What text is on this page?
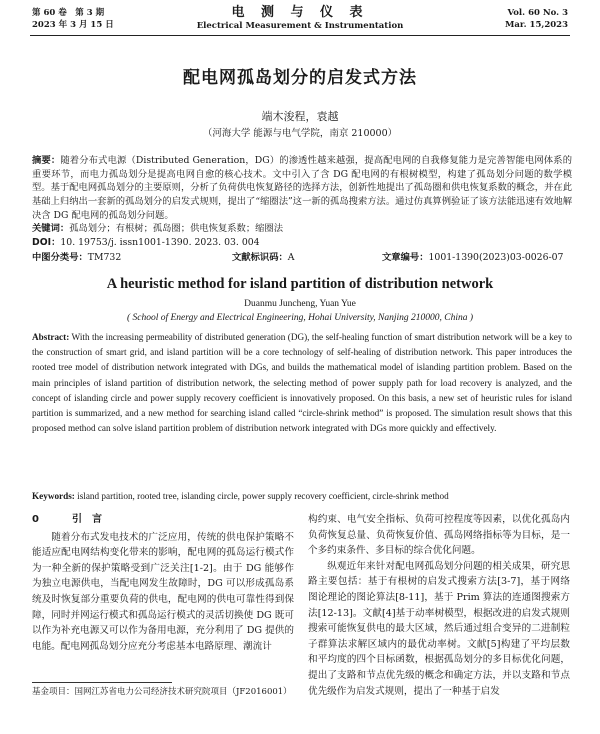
第 60 卷　第 3 期
2023 年 3 月 15 日
电 测 与 仪 表
Electrical Measurement & Instrumentation
Vol. 60 No. 3
Mar. 15,2023
配电网孤岛划分的启发式方法
端木浚程，袁越
（河海大学 能源与电气学院，南京 210000）
摘要：随着分布式电源（Distributed Generation，DG）的渗透性越来越强，提高配电网的自我修复能力是完善智能电网体系的重要环节，而电力孤岛划分是提高电网自愈的核心技术。文中引入了含 DG 配电网的有根树模型，构建了孤岛划分问题的数学模型。基于配电网孤岛划分的主要原则，分析了负荷供电恢复路径的选择方法，创新性地提出了孤岛圈和供电恢复系数的概念，并在此基础上归纳出一套新的孤岛划分的启发式规则，提出了“缩圈法”这一新的孤岛搜索方法。通过仿真算例验证了该方法能迅速有效地解决含 DG 配电网的孤岛划分问题。
关键词：孤岛划分；有根树；孤岛圈；供电恢复系数；缩圈法
DOI：10. 19753/j. issn1001-1390. 2023. 03. 004
中图分类号： TM732	文献标识码： A	文章编号： 1001-1390(2023)03-0026-07
A heuristic method for island partition of distribution network
Duanmu Juncheng, Yuan Yue
( School of Energy and Electrical Engineering, Hohai University, Nanjing 210000, China )
Abstract: With the increasing permeability of distributed generation (DG), the self-healing function of smart distribution network will be a key to the construction of smart grid, and island partition will be a core technology of self-healing of distribution network. This paper introduces the rooted tree model of distribution network integrated with DGs, and builds the mathematical model of islanding partition problem. Based on the main principles of island partition of distribution network, the selecting method of power supply path for load recovery is analyzed, and the concept of islanding circle and power supply recovery coefficient is innovatively proposed. On this basis, a new set of heuristic rules for island partition is summarized, and a new method for searching island called “circle-shrink method” is proposed. The simulation result shows that this proposed method can solve island partition problem of distribution network integrated with DGs more quickly and effectively.
Keywords: island partition, rooted tree, islanding circle, power supply recovery coefficient, circle-shrink method
0	引　言

随着分布式发电技术的广泛应用，传统的供电保护策略不能适应配电网结构变化带来的影响，配电网的孤岛运行模式作为一种全新的保护策略受到广泛关注[1-2]。由于 DG 能够作为独立电源供电，当配电网发生故障时，DG 可以形成孤岛系统及时恢复部分重要负荷的供电，配电网的供电可靠性得到保障，同时并网运行模式和孤岛运行模式的灵活切换使 DG 既可以作为补充电源又可以作为备用电源，充分利用了 DG 提供的电能。配电网孤岛划分应充分考虑基本电路原理、潮流计

构约束、电气安全指标、负荷可控程度等因素，以优化孤岛内负荷恢复总量、负荷恢复价值、孤岛网络指标等为目标，是一个多约束条件、多目标的综合优化问题。

纵观近年来针对配电网孤岛划分问题的相关成果，研究思路主要包括：基于有根树的启发式搜索方法[3-7]，基于网络图论理论的图论算法[8-11]，基于 Prim 算法的连通图搜索方法[12-13]。文献[4]基于动率树模型，根据改进的启发式规则搜索可能恢复供电的最大区域，然后通过组合变异的二进制粒子群算法求解区域内的最优动率树。文献[5]构建了平均层数和平均度的四个目标函数，根据孤岛划分的多目标优化问题，提出了支路和节点优先级的概念和确定方法，并以支路和节点优先级作为启发式规则，提出了一种基于启发

基金项目：国网江苏省电力公司经济技术研究院项目（JF2016001）
